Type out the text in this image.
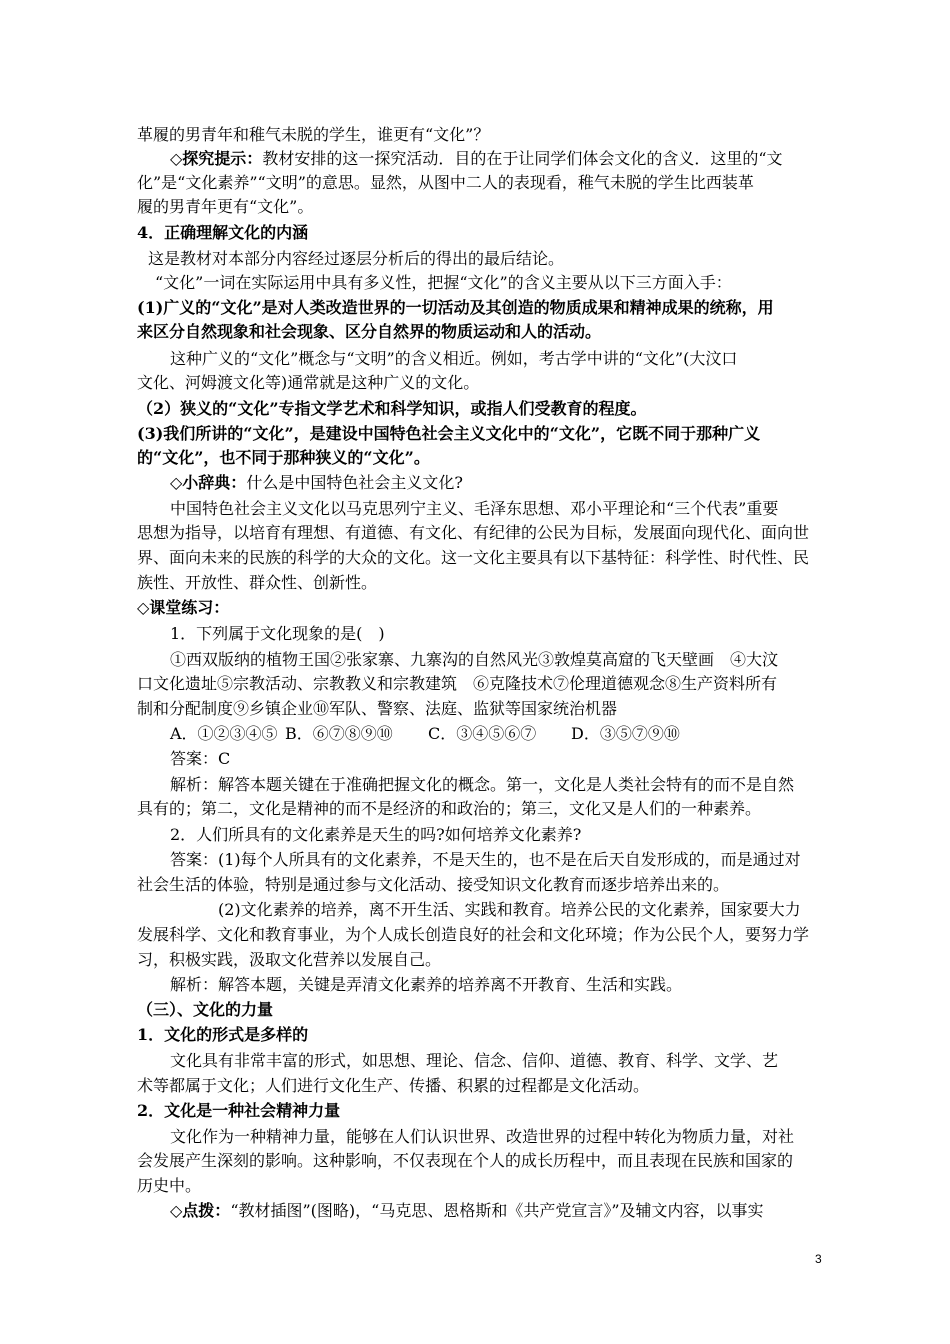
革履的男青年和稚气未脱的学生，谁更有“文化”？
◇探究提示：教材安排的这一探究活动．目的在于让同学们体会文化的含义．这里的“文
化”是“文化素养”“文明”的意思。显然，从图中二人的表现看，稚气未脱的学生比西装革
履的男青年更有“文化”。
4．正确理解文化的内涵
这是教材对本部分内容经过逐层分析后的得出的最后结论。
“文化”一词在实际运用中具有多义性，把握“文化”的含义主要从以下三方面入手：
(1)广义的“文化”是对人类改造世界的一切活动及其创造的物质成果和精神成果的统称，用
来区分自然现象和社会现象、区分自然界的物质运动和人的活动。
这种广义的“文化”概念与“文明”的含义相近。例如，考古学中讲的“文化”(大汶口
文化、河姆渡文化等)通常就是这种广义的文化。
（2）狭义的“文化”专指文学艺术和科学知识，或指人们受教育的程度。
(3)我们所讲的“文化”，是建设中国特色社会主义文化中的“文化”，它既不同于那种广义
的“文化”，也不同于那种狭义的“文化”。
◇小辞典：什么是中国特色社会主义文化?
中国特色社会主义文化以马克思列宁主义、毛泽东思想、邓小平理论和“三个代表”重要
思想为指导，以培育有理想、有道德、有文化、有纪律的公民为目标，发展面向现代化、面向世
界、面向未来的民族的科学的大众的文化。这一文化主要具有以下基特征：科学性、时代性、民
族性、开放性、群众性、创新性。
◇课堂练习：
1．下列属于文化现象的是(　)
①西双版纳的植物王国②张家寨、九寨沟的自然风光③敦煌莫高窟的飞天壁画　④大汶
口文化遗址⑤宗教活动、宗教教义和宗教建筑　⑥克隆技术⑦伦理道德观念⑧生产资料所有
制和分配制度⑨乡镇企业⑩军队、警察、法庭、监狱等国家统治机器
A．①②③④⑤ B．⑥⑦⑧⑨⑩ C．③④⑤⑥⑦ D．③⑤⑦⑨⑩
答案：C
解析：解答本题关键在于准确把握文化的概念。第一，文化是人类社会特有的而不是自然
具有的；第二，文化是精神的而不是经济的和政治的；第三，文化又是人们的一种素养。
2．人们所具有的文化素养是天生的吗?如何培养文化素养?
答案：(1)每个人所具有的文化素养，不是天生的，也不是在后天自发形成的，而是通过对
社会生活的体验，特别是通过参与文化活动、接受知识文化教育而逐步培养出来的。
(2)文化素养的培养，离不开生活、实践和教育。培养公民的文化素养，国家要大力
发展科学、文化和教育事业，为个人成长创造良好的社会和文化环境；作为公民个人，要努力学
习，积极实践，汲取文化营养以发展自己。
解析：解答本题，关键是弄清文化素养的培养离不开教育、生活和实践。
（三）、文化的力量
1．文化的形式是多样的
文化具有非常丰富的形式，如思想、理论、信念、信仰、道德、教育、科学、文学、艺
术等都属于文化；人们进行文化生产、传播、积累的过程都是文化活动。
2．文化是一种社会精神力量
文化作为一种精神力量，能够在人们认识世界、改造世界的过程中转化为物质力量，对社
会发展产生深刻的影响。这种影响，不仅表现在个人的成长历程中，而且表现在民族和国家的
历史中。
◇点拨：“教材插图”(图略)，“马克思、恩格斯和《共产党宣言》”及辅文内容，以事实
3
